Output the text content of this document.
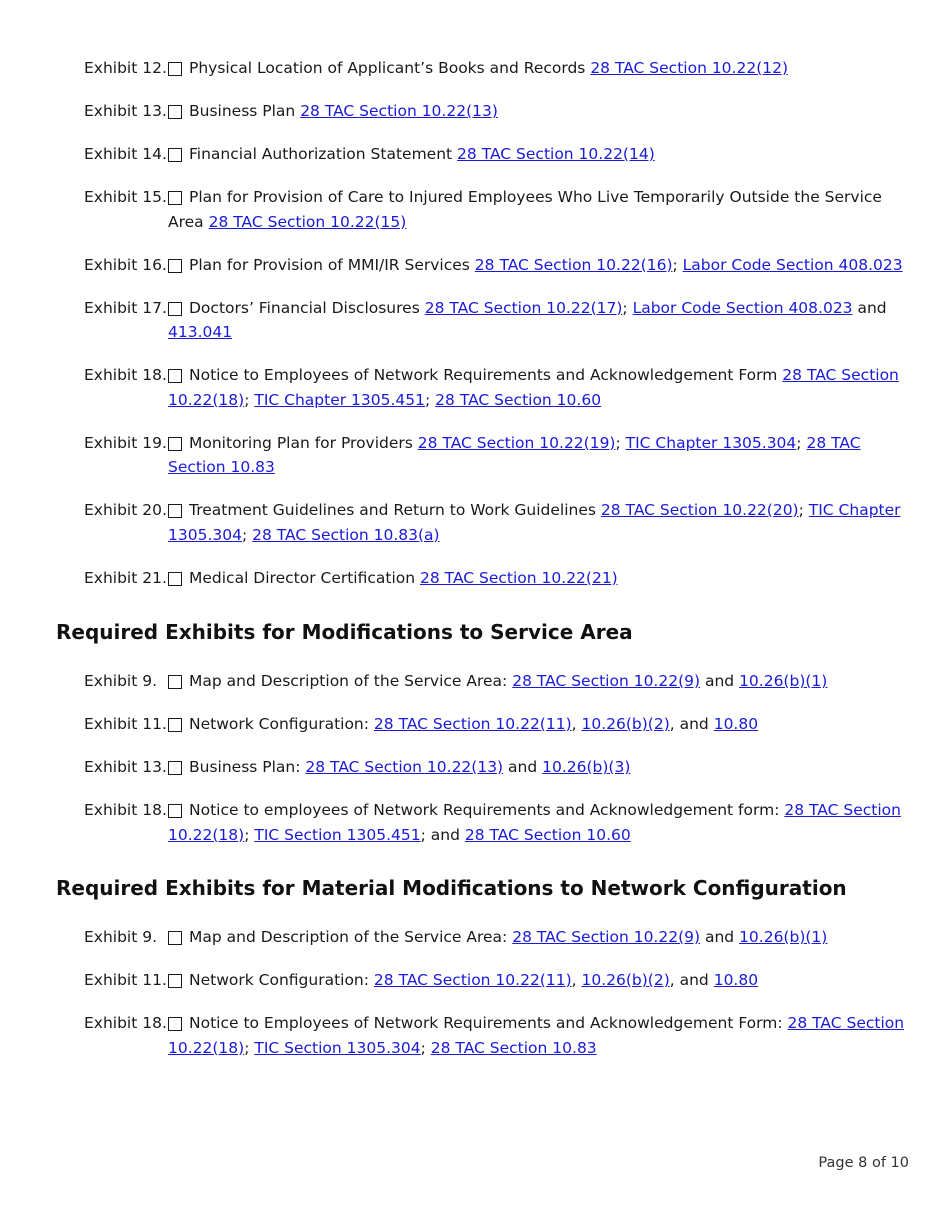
Exhibit 12. Physical Location of Applicant’s Books and Records 28 TAC Section 10.22(12)
Exhibit 13. Business Plan 28 TAC Section 10.22(13)
Exhibit 14. Financial Authorization Statement 28 TAC Section 10.22(14)
Exhibit 15. Plan for Provision of Care to Injured Employees Who Live Temporarily Outside the Service Area 28 TAC Section 10.22(15)
Exhibit 16. Plan for Provision of MMI/IR Services 28 TAC Section 10.22(16); Labor Code Section 408.023
Exhibit 17. Doctors’ Financial Disclosures 28 TAC Section 10.22(17); Labor Code Section 408.023 and 413.041
Exhibit 18. Notice to Employees of Network Requirements and Acknowledgement Form 28 TAC Section 10.22(18); TIC Chapter 1305.451; 28 TAC Section 10.60
Exhibit 19. Monitoring Plan for Providers 28 TAC Section 10.22(19); TIC Chapter 1305.304; 28 TAC Section 10.83
Exhibit 20. Treatment Guidelines and Return to Work Guidelines 28 TAC Section 10.22(20); TIC Chapter 1305.304; 28 TAC Section 10.83(a)
Exhibit 21. Medical Director Certification 28 TAC Section 10.22(21)
Required Exhibits for Modifications to Service Area
Exhibit 9. Map and Description of the Service Area: 28 TAC Section 10.22(9) and 10.26(b)(1)
Exhibit 11. Network Configuration: 28 TAC Section 10.22(11), 10.26(b)(2), and 10.80
Exhibit 13. Business Plan: 28 TAC Section 10.22(13) and 10.26(b)(3)
Exhibit 18. Notice to employees of Network Requirements and Acknowledgement form: 28 TAC Section 10.22(18); TIC Section 1305.451; and 28 TAC Section 10.60
Required Exhibits for Material Modifications to Network Configuration
Exhibit 9. Map and Description of the Service Area: 28 TAC Section 10.22(9) and 10.26(b)(1)
Exhibit 11. Network Configuration: 28 TAC Section 10.22(11), 10.26(b)(2), and 10.80
Exhibit 18. Notice to Employees of Network Requirements and Acknowledgement Form: 28 TAC Section 10.22(18); TIC Section 1305.304; 28 TAC Section 10.83
Page 8 of 10
